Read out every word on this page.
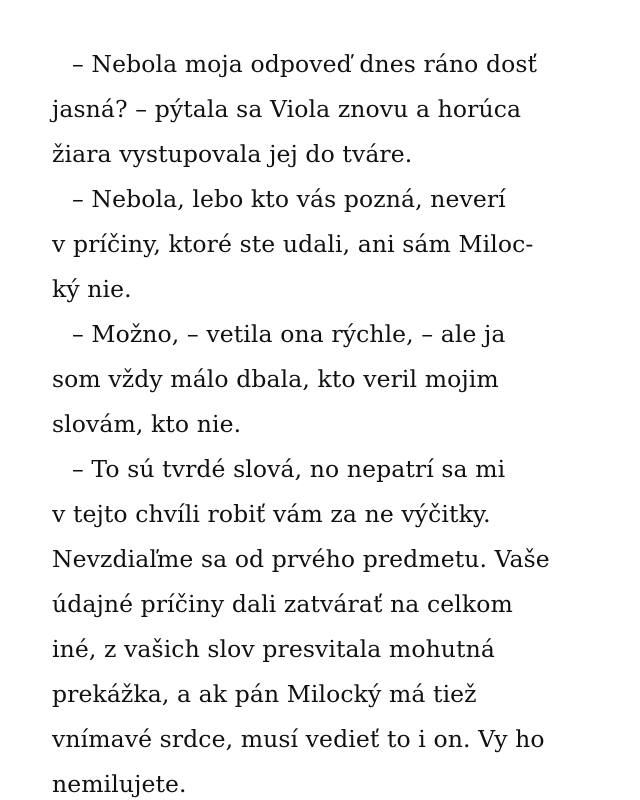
– Nebola moja odpoveď dnes ráno dosť
jasná? – pýtala sa Viola znovu a horúca
žiara vystupovala jej do tváre.
– Nebola, lebo kto vás pozná, neverí
v príčiny, ktoré ste udali, ani sám Miloc-
ký nie.
– Možno, – vetila ona rýchle, – ale ja
som vždy málo dbala, kto veril mojim
slovám, kto nie.
– To sú tvrdé slová, no nepatrí sa mi
v tejto chvíli robiť vám za ne výčitky.
Nevzdiaľme sa od prvého predmetu. Vaše
údajné príčiny dali zatvárať na celkom
iné, z vašich slov presvitala mohutná
prekážka, a ak pán Milocký má tiež
vnímavé srdce, musí vedieť to i on. Vy ho
nemilujete.
